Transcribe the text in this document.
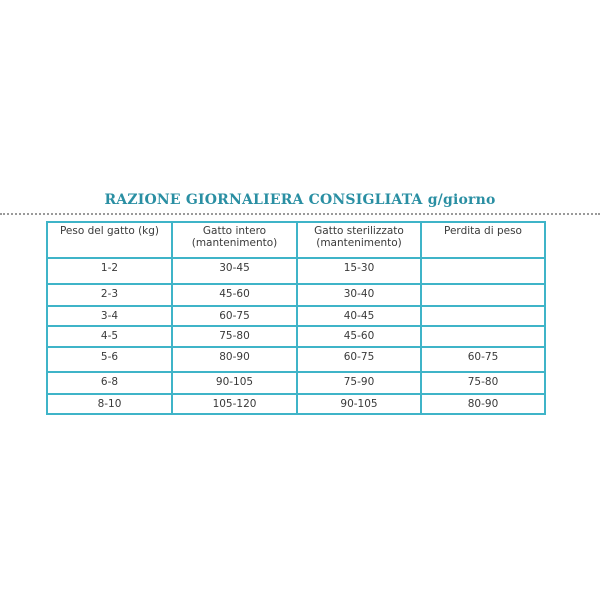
RAZIONE GIORNALIERA CONSIGLIATA g/giorno
Peso del gatto (kg)	Gatto intero (mantenimento)	Gatto sterilizzato (mantenimento)	Perdita di peso
1-2	30-45	15-30	
2-3	45-60	30-40	
3-4	60-75	40-45	
4-5	75-80	45-60	
5-6	80-90	60-75	60-75
6-8	90-105	75-90	75-80
8-10	105-120	90-105	80-90
